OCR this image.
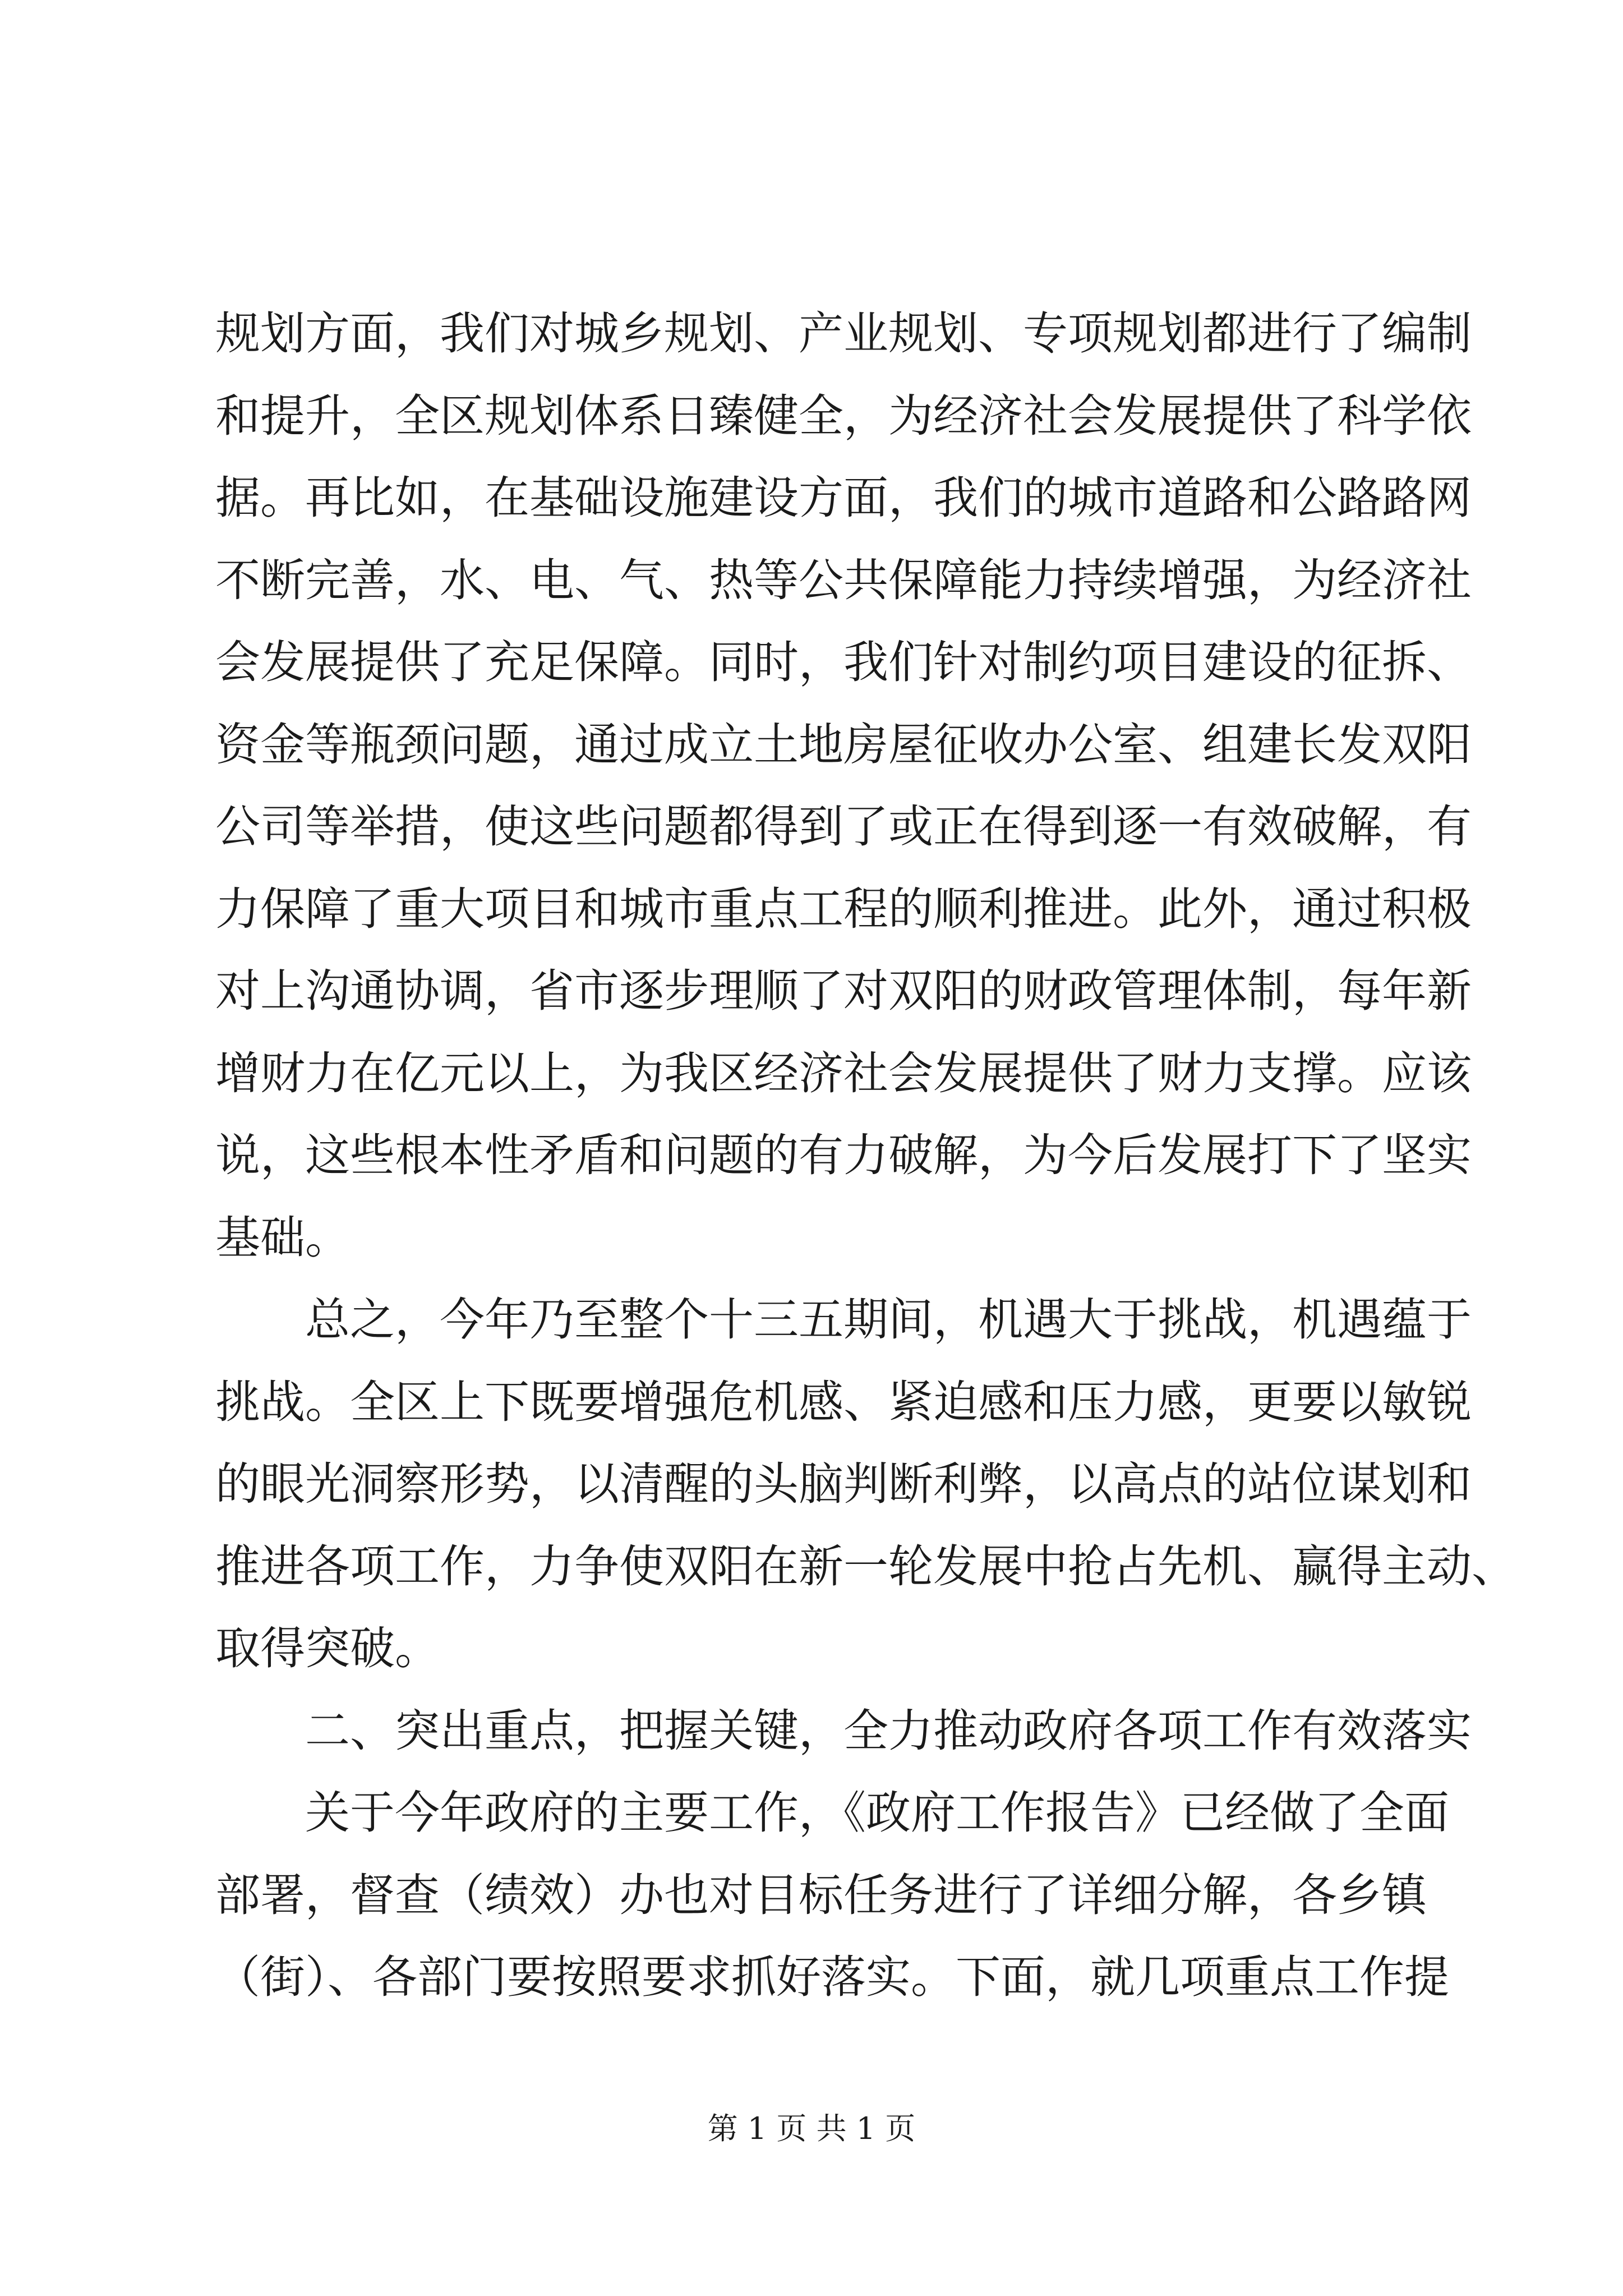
规划方面，我们对城乡规划、产业规划、专项规划都进行了编制
和提升，全区规划体系日臻健全，为经济社会发展提供了科学依
据。再比如，在基础设施建设方面，我们的城市道路和公路路网
不断完善，水、电、气、热等公共保障能力持续增强，为经济社
会发展提供了充足保障。同时，我们针对制约项目建设的征拆、
资金等瓶颈问题，通过成立土地房屋征收办公室、组建长发双阳
公司等举措，使这些问题都得到了或正在得到逐一有效破解，有
力保障了重大项目和城市重点工程的顺利推进。此外，通过积极
对上沟通协调，省市逐步理顺了对双阳的财政管理体制，每年新
增财力在亿元以上，为我区经济社会发展提供了财力支撑。应该
说，这些根本性矛盾和问题的有力破解，为今后发展打下了坚实
基础。
总之，今年乃至整个十三五期间，机遇大于挑战，机遇蕴于
挑战。全区上下既要增强危机感、紧迫感和压力感，更要以敏锐
的眼光洞察形势，以清醒的头脑判断利弊，以高点的站位谋划和
推进各项工作，力争使双阳在新一轮发展中抢占先机、赢得主动、
取得突破。
二、突出重点，把握关键，全力推动政府各项工作有效落实
关于今年政府的主要工作，《政府工作报告》已经做了全面
部署，督查（绩效）办也对目标任务进行了详细分解，各乡镇
（街）、各部门要按照要求抓好落实。下面，就几项重点工作提
第 1 页 共 1 页
